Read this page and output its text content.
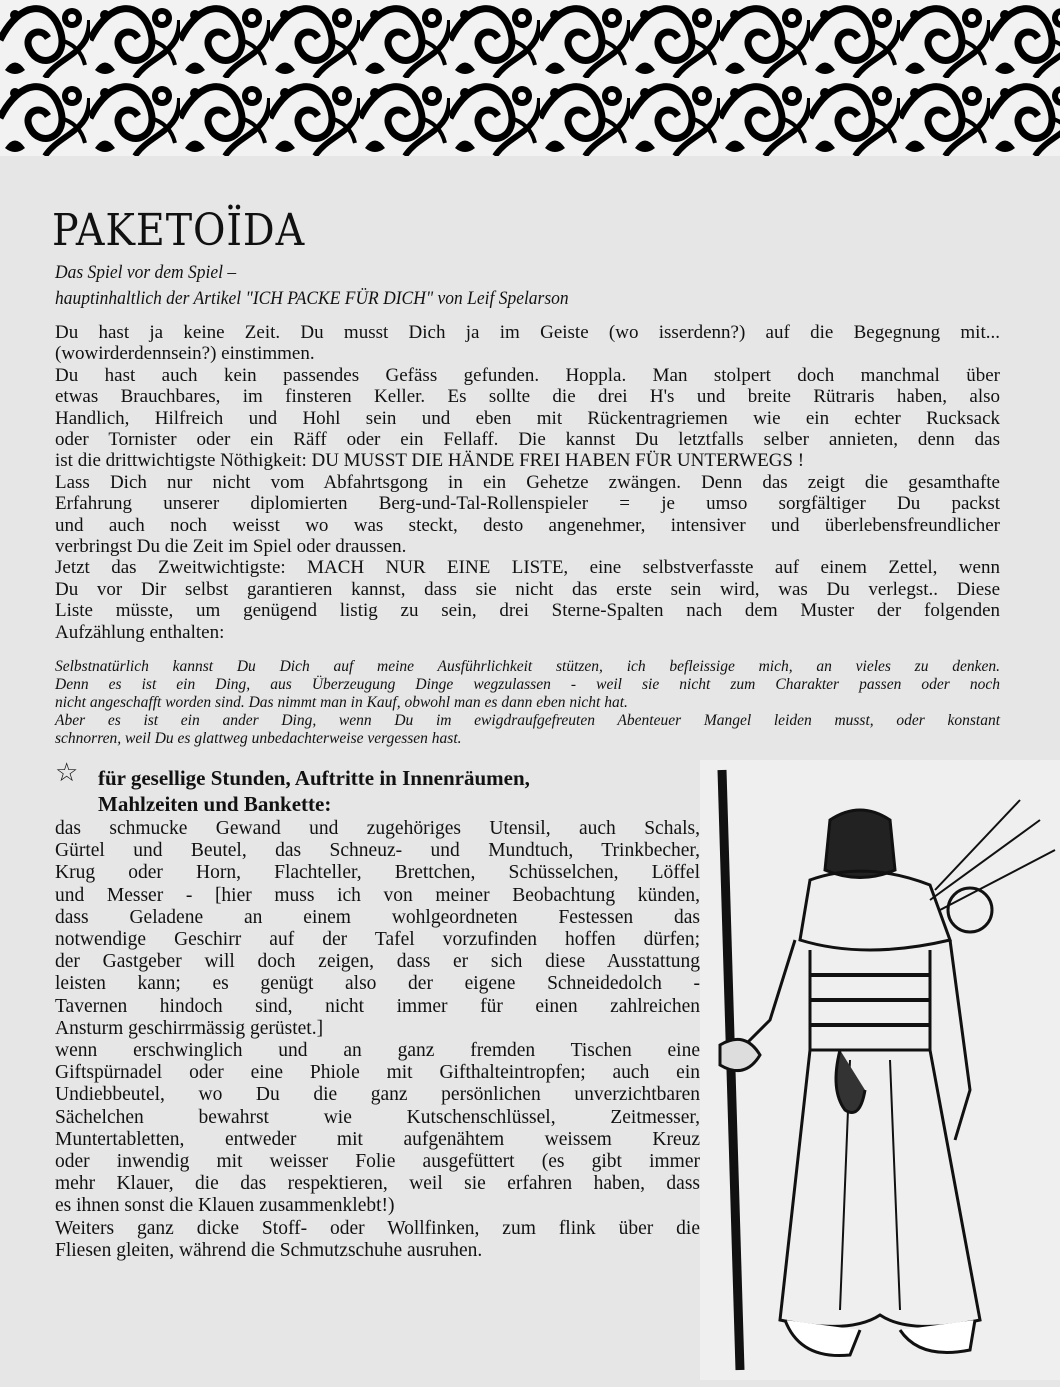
PAKETOÏDA
Das Spiel vor dem Spiel –
hauptinhaltlich der Artikel "ICH PACKE FÜR DICH" von Leif Spelarson
Du hast ja keine Zeit. Du musst Dich ja im Geiste (wo isserdenn?) auf die Begegnung mit...
(wowirderdennsein?) einstimmen.
Du hast auch kein passendes Gefäss gefunden. Hoppla. Man stolpert doch manchmal über
etwas Brauchbares, im finsteren Keller. Es sollte die drei H's und breite Rütraris haben, also
Handlich, Hilfreich und Hohl sein und eben mit Rückentragriemen wie ein echter Rucksack
oder Tornister oder ein Räff oder ein Fellaff. Die kannst Du letztfalls selber annieten, denn das
ist die drittwichtigste Nöthigkeit: DU MUSST DIE HÄNDE FREI HABEN FÜR UNTERWEGS !
Lass Dich nur nicht vom Abfahrtsgong in ein Gehetze zwängen. Denn das zeigt die gesamthafte
Erfahrung unserer diplomierten Berg-und-Tal-Rollenspieler = je umso sorgfältiger Du packst
und auch noch weisst wo was steckt, desto angenehmer, intensiver und überlebensfreundlicher
verbringst Du die Zeit im Spiel oder draussen.
Jetzt das Zweitwichtigste: MACH NUR EINE LISTE, eine selbstverfasste auf einem Zettel, wenn
Du vor Dir selbst garantieren kannst, dass sie nicht das erste sein wird, was Du verlegst.. Diese
Liste müsste, um genügend listig zu sein, drei Sterne-Spalten nach dem Muster der folgenden
Aufzählung enthalten:
Selbstnatürlich kannst Du Dich auf meine Ausführlichkeit stützen, ich befleissige mich, an vieles zu denken.
Denn es ist ein Ding, aus Überzeugung Dinge wegzulassen - weil sie nicht zum Charakter passen oder noch
nicht angeschafft worden sind. Das nimmt man in Kauf, obwohl man es dann eben nicht hat.
Aber es ist ein ander Ding, wenn Du im ewigdraufgefreuten Abenteuer Mangel leiden musst, oder konstant
schnorren, weil Du es glattweg unbedachterweise vergessen hast.
☆ für gesellige Stunden, Auftritte in Innenräumen,
Mahlzeiten und Bankette:
das schmucke Gewand und zugehöriges Utensil, auch Schals,
Gürtel und Beutel, das Schneuz- und Mundtuch, Trinkbecher,
Krug oder Horn, Flachteller, Brettchen, Schüsselchen, Löffel
und Messer - [hier muss ich von meiner Beobachtung künden,
dass Geladene an einem wohlgeordneten Festessen das
notwendige Geschirr auf der Tafel vorzufinden hoffen dürfen;
der Gastgeber will doch zeigen, dass er sich diese Ausstattung
leisten kann; es genügt also der eigene Schneidedolch -
Tavernen hindoch sind, nicht immer für einen zahlreichen
Ansturm geschirrmässig gerüstet.]
wenn erschwinglich und an ganz fremden Tischen eine
Giftspürnadel oder eine Phiole mit Gifthalteintropfen; auch ein
Undiebbeutel, wo Du die ganz persönlichen unverzichtbaren
Sächelchen bewahrst wie Kutschenschlüssel, Zeitmesser,
Muntertabletten, entweder mit aufgenähtem weissem Kreuz
oder inwendig mit weisser Folie ausgefüttert (es gibt immer
mehr Klauer, die das respektieren, weil sie erfahren haben, dass
es ihnen sonst die Klauen zusammenklebt!)
Weiters ganz dicke Stoff- oder Wollfinken, zum flink über die
Fliesen gleiten, während die Schmutzschuhe ausruhen.
